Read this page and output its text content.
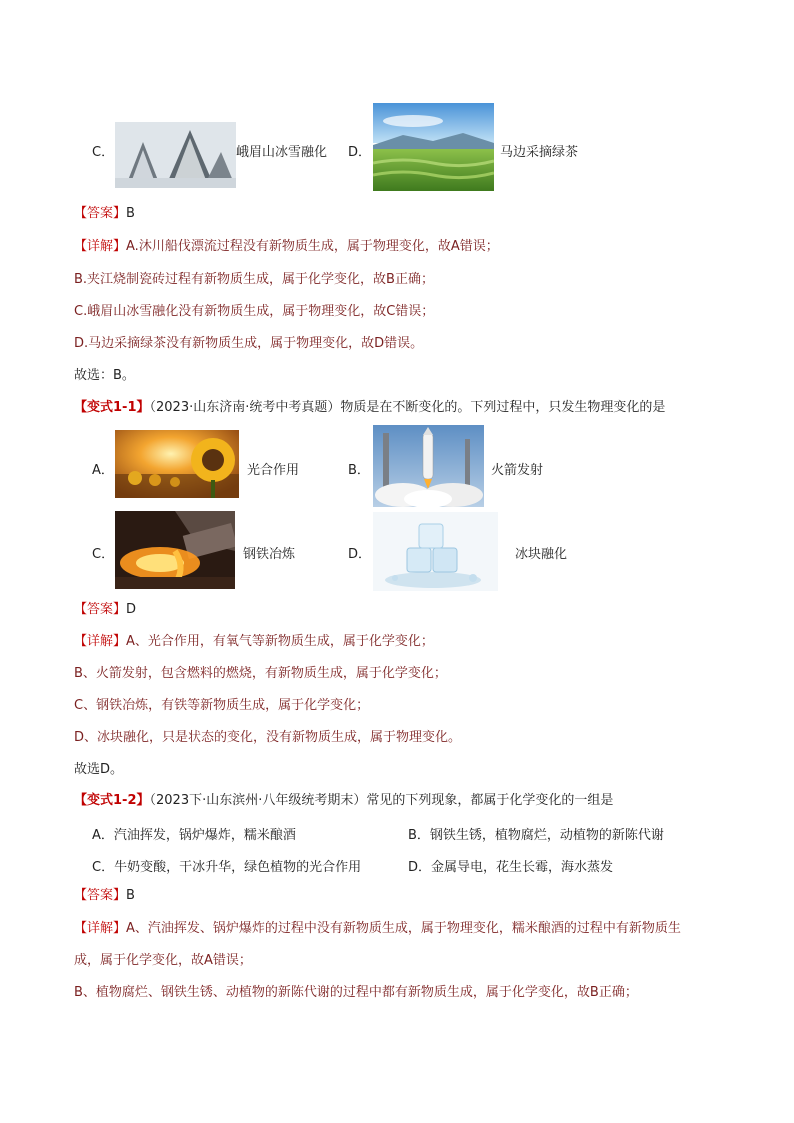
C．	峨眉山冰雪融化 D．	马边采摘绿茶
【答案】B
【详解】A.沐川船伐漂流过程没有新物质生成，属于物理变化，故A错误；
B.夹江烧制瓷砖过程有新物质生成，属于化学变化，故B正确；
C.峨眉山冰雪融化没有新物质生成，属于物理变化，故C错误；
D.马边采摘绿茶没有新物质生成，属于物理变化，故D错误。
故选：B。
【变式1-1】（2023·山东济南·统考中考真题）物质是在不断变化的。下列过程中，只发生物理变化的是
A．	光合作用	B．	火箭发射
C．	钢铁冶炼	D．	冰块融化
【答案】D
【详解】A、光合作用，有氧气等新物质生成，属于化学变化；
B、火箭发射，包含燃料的燃烧，有新物质生成，属于化学变化；
C、钢铁冶炼，有铁等新物质生成，属于化学变化；
D、冰块融化，只是状态的变化，没有新物质生成，属于物理变化。
故选D。
【变式1-2】（2023下·山东滨州·八年级统考期末）常见的下列现象，都属于化学变化的一组是
A．汽油挥发，锅炉爆炸，糯米酿酒	B．钢铁生锈，植物腐烂，动植物的新陈代谢
C．牛奶变酸，干冰升华，绿色植物的光合作用	D．金属导电，花生长霉，海水蒸发
【答案】B
【详解】A、汽油挥发、锅炉爆炸的过程中没有新物质生成，属于物理变化，糯米酿酒的过程中有新物质生
成，属于化学变化，故A错误；
B、植物腐烂、钢铁生锈、动植物的新陈代谢的过程中都有新物质生成，属于化学变化，故B正确；
